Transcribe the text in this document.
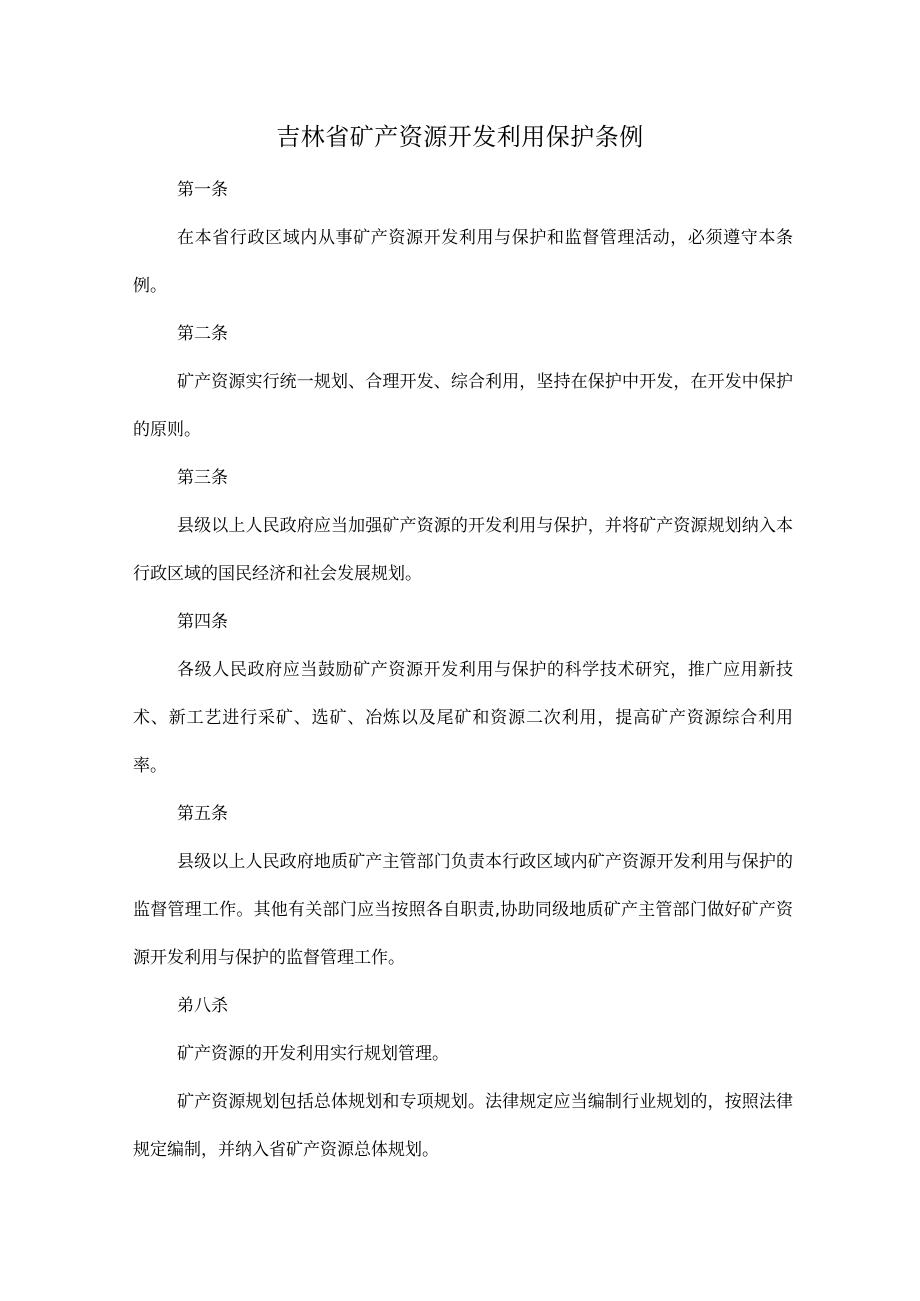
吉林省矿产资源开发利用保护条例

第一条

在本省行政区域内从事矿产资源开发利用与保护和监督管理活动，必须遵守本条例。

第二条

矿产资源实行统一规划、合理开发、综合利用，坚持在保护中开发，在开发中保护的原则。

第三条

县级以上人民政府应当加强矿产资源的开发利用与保护，并将矿产资源规划纳入本行政区域的国民经济和社会发展规划。

第四条

各级人民政府应当鼓励矿产资源开发利用与保护的科学技术研究，推广应用新技术、新工艺进行采矿、选矿、冶炼以及尾矿和资源二次利用，提高矿产资源综合利用率。

第五条

县级以上人民政府地质矿产主管部门负责本行政区域内矿产资源开发利用与保护的监督管理工作。其他有关部门应当按照各自职责,协助同级地质矿产主管部门做好矿产资源开发利用与保护的监督管理工作。

弟八杀

矿产资源的开发利用实行规划管理。

矿产资源规划包括总体规划和专项规划。法律规定应当编制行业规划的，按照法律规定编制，并纳入省矿产资源总体规划。
